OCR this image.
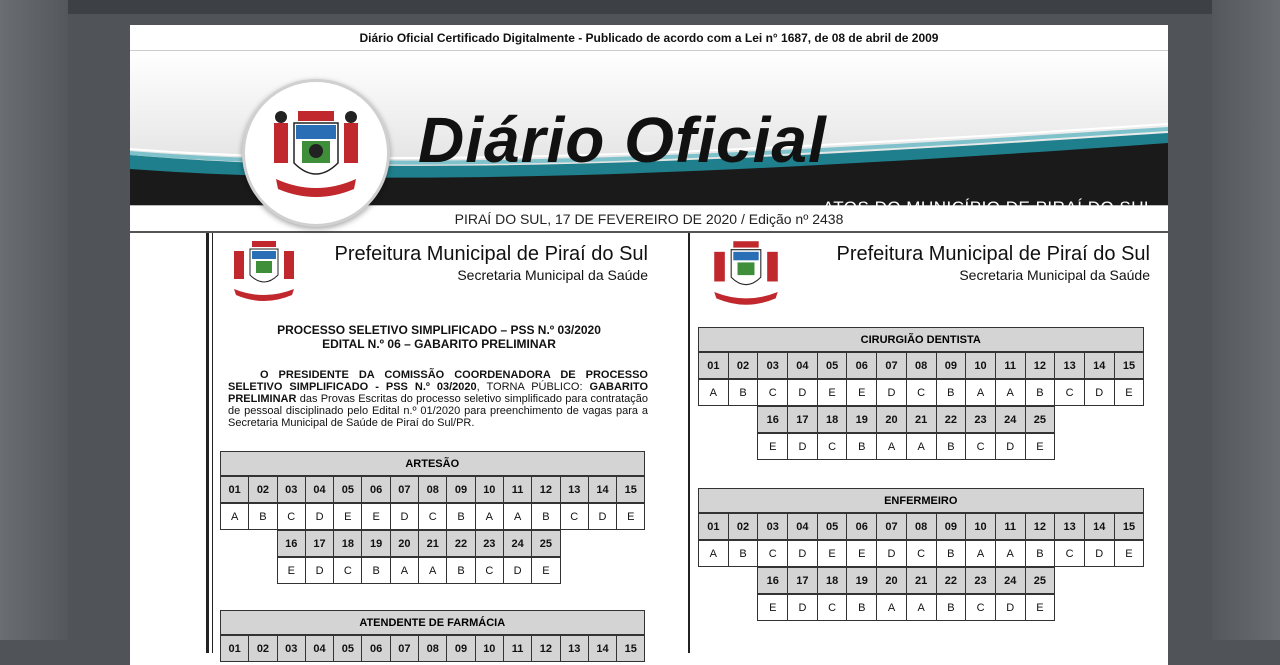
Diário Oficial Certificado Digitalmente - Publicado de acordo com a Lei n° 1687, de 08 de abril de 2009
Diário Oficial
ATOS DO MUNICÍPIO DE PIRAÍ DO SUL
PIRAÍ DO SUL, 17 DE FEVEREIRO DE 2020 / Edição nº 2438
Prefeitura Municipal de Piraí do Sul
Secretaria Municipal da Saúde
PROCESSO SELETIVO SIMPLIFICADO – PSS N.º 03/2020
EDITAL N.º 06 – GABARITO PRELIMINAR
O PRESIDENTE DA COMISSÃO COORDENADORA DE PROCESSO SELETIVO SIMPLIFICADO - PSS N.º 03/2020, TORNA PÚBLICO: GABARITO PRELIMINAR das Provas Escritas do processo seletivo simplificado para contratação de pessoal disciplinado pelo Edital n.º 01/2020 para preenchimento de vagas para a Secretaria Municipal de Saúde de Piraí do Sul/PR.
ARTESÃO
01	02	03	04	05	06	07	08	09	10	11	12	13	14	15
A	B	C	D	E	E	D	C	B	A	A	B	C	D	E
16	17	18	19	20	21	22	23	24	25
E	D	C	B	A	A	B	C	D	E
ATENDENTE DE FARMÁCIA
01	02	03	04	05	06	07	08	09	10	11	12	13	14	15
Prefeitura Municipal de Piraí do Sul
Secretaria Municipal da Saúde
CIRURGIÃO DENTISTA
01	02	03	04	05	06	07	08	09	10	11	12	13	14	15
A	B	C	D	E	E	D	C	B	A	A	B	C	D	E
16	17	18	19	20	21	22	23	24	25
E	D	C	B	A	A	B	C	D	E
ENFERMEIRO
01	02	03	04	05	06	07	08	09	10	11	12	13	14	15
A	B	C	D	E	E	D	C	B	A	A	B	C	D	E
16	17	18	19	20	21	22	23	24	25
E	D	C	B	A	A	B	C	D	E
